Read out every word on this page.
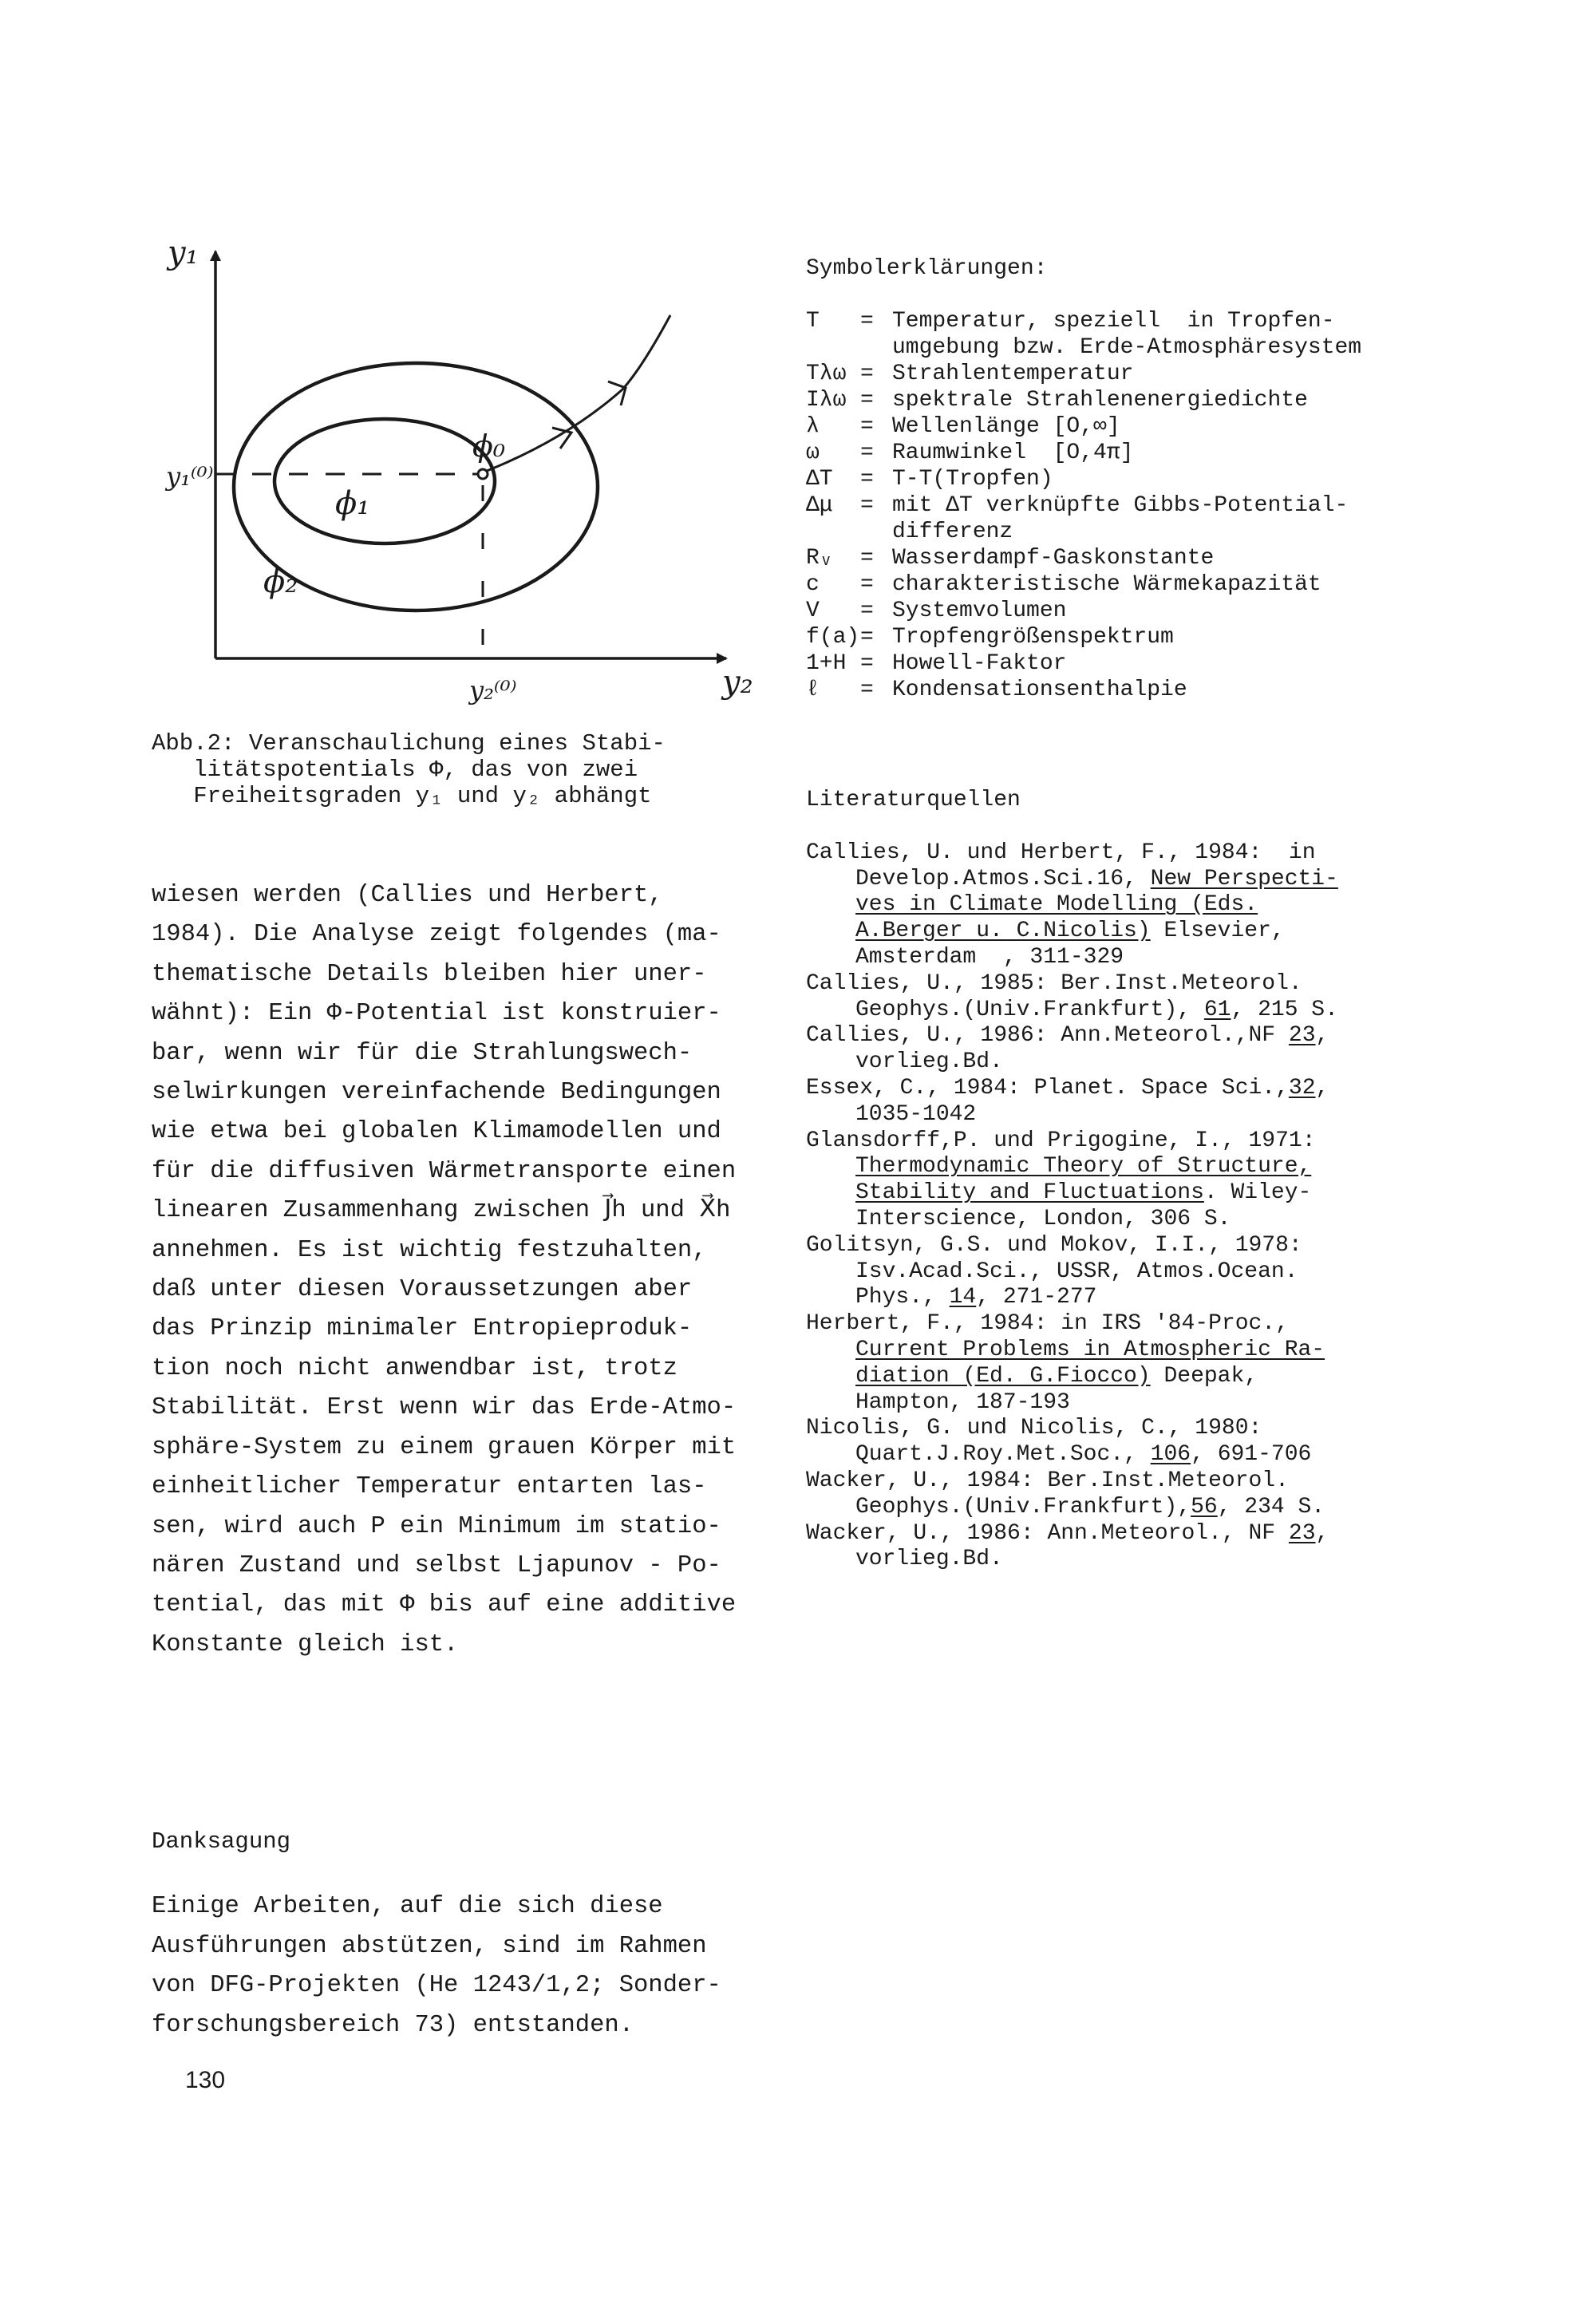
y₁
y₂
y₁⁽⁰⁾
y₂⁽⁰⁾
ϕ₀
ϕ₁
ϕ₂
Abb.2: Veranschaulichung eines Stabi-
litätspotentials Φ, das von zwei
Freiheitsgraden y₁ und y₂ abhängt
wiesen werden (Callies und Herbert,
1984). Die Analyse zeigt folgendes (ma-
thematische Details bleiben hier uner-
wähnt): Ein Φ-Potential ist konstruier-
bar, wenn wir für die Strahlungswech-
selwirkungen vereinfachende Bedingungen
wie etwa bei globalen Klimamodellen und
für die diffusiven Wärmetransporte einen
linearen Zusammenhang zwischen J⃗h und X⃗h
annehmen. Es ist wichtig festzuhalten,
daß unter diesen Voraussetzungen aber
das Prinzip minimaler Entropieproduk-
tion noch nicht anwendbar ist, trotz
Stabilität. Erst wenn wir das Erde-Atmo-
sphäre-System zu einem grauen Körper mit
einheitlicher Temperatur entarten las-
sen, wird auch P ein Minimum im statio-
nären Zustand und selbst Ljapunov - Po-
tential, das mit Φ bis auf eine additive
Konstante gleich ist.
Danksagung
Einige Arbeiten, auf die sich diese
Ausführungen abstützen, sind im Rahmen
von DFG-Projekten (He 1243/1,2; Sonder-
forschungsbereich 73) entstanden.
130
Symbolerklärungen:
T	= Temperatur, speziell  in Tropfen-
umgebung bzw. Erde-Atmosphäresystem
Tλω = Strahlentemperatur
Iλω = spektrale Strahlenenergiedichte
λ	= Wellenlänge [O,∞]
ω	= Raumwinkel  [O,4π]
ΔT	= T-T(Tropfen)
Δμ	= mit ΔT verknüpfte Gibbs-Potential-
differenz
Rᵥ	= Wasserdampf-Gaskonstante
c	= charakteristische Wärmekapazität
V	= Systemvolumen
f(a) = Tropfengrößenspektrum
1+H = Howell-Faktor
ℓ	= Kondensationsenthalpie
Literaturquellen
Callies, U. und Herbert, F., 1984:  in
Develop.Atmos.Sci.16, New Perspecti-
ves in Climate Modelling (Eds.
A.Berger u. C.Nicolis) Elsevier,
Amsterdam  , 311-329
Callies, U., 1985: Ber.Inst.Meteorol.
Geophys.(Univ.Frankfurt), 61, 215 S.
Callies, U., 1986: Ann.Meteorol.,NF 23,
vorlieg.Bd.
Essex, C., 1984: Planet. Space Sci.,32,
1035-1042
Glansdorff,P. und Prigogine, I., 1971:
Thermodynamic Theory of Structure,
Stability and Fluctuations. Wiley-
Interscience, London, 306 S.
Golitsyn, G.S. und Mokov, I.I., 1978:
Isv.Acad.Sci., USSR, Atmos.Ocean.
Phys., 14, 271-277
Herbert, F., 1984: in IRS '84-Proc.,
Current Problems in Atmospheric Ra-
diation (Ed. G.Fiocco) Deepak,
Hampton, 187-193
Nicolis, G. und Nicolis, C., 1980:
Quart.J.Roy.Met.Soc., 106, 691-706
Wacker, U., 1984: Ber.Inst.Meteorol.
Geophys.(Univ.Frankfurt),56, 234 S.
Wacker, U., 1986: Ann.Meteorol., NF 23,
vorlieg.Bd.
